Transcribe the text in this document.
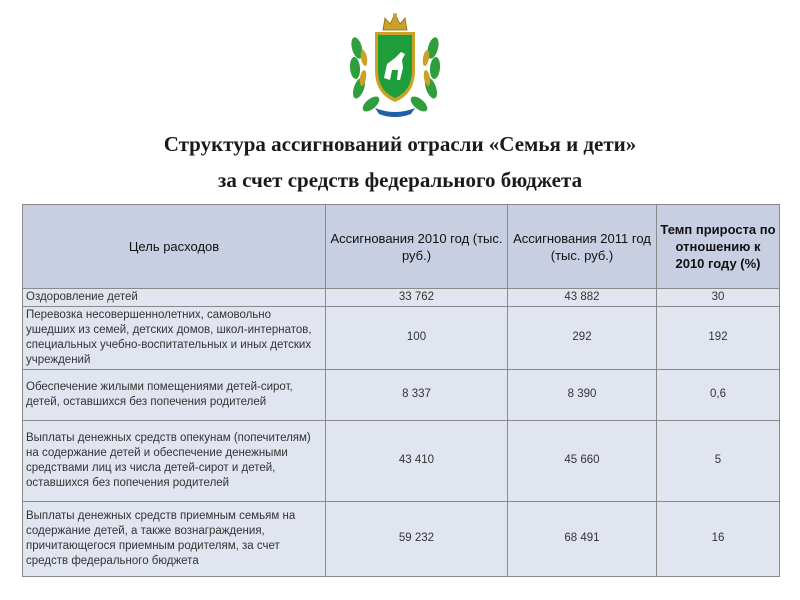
Структура ассигнований отрасли «Семья и дети»
за счет средств федерального бюджета
Цель расходов	Ассигнования 2010 год (тыс. руб.)	Ассигнования 2011 год (тыс. руб.)	Темп прироста по отношению к 2010 году (%)
Оздоровление детей	33 762	43 882	30
Перевозка несовершеннолетних, самовольно ушедших из семей, детских домов, школ-интернатов, специальных учебно-воспитательных и иных детских учреждений	100	292	192
Обеспечение жилыми помещениями детей-сирот, детей, оставшихся без попечения родителей	8 337	8 390	0,6
Выплаты денежных средств опекунам (попечителям) на содержание детей и обеспечение денежными средствами лиц из числа детей-сирот и детей, оставшихся без попечения родителей	43 410	45 660	5
Выплаты денежных средств приемным семьям на содержание детей, а также вознаграждения, причитающегося приемным родителям, за счет средств федерального бюджета	59 232	68 491	16
